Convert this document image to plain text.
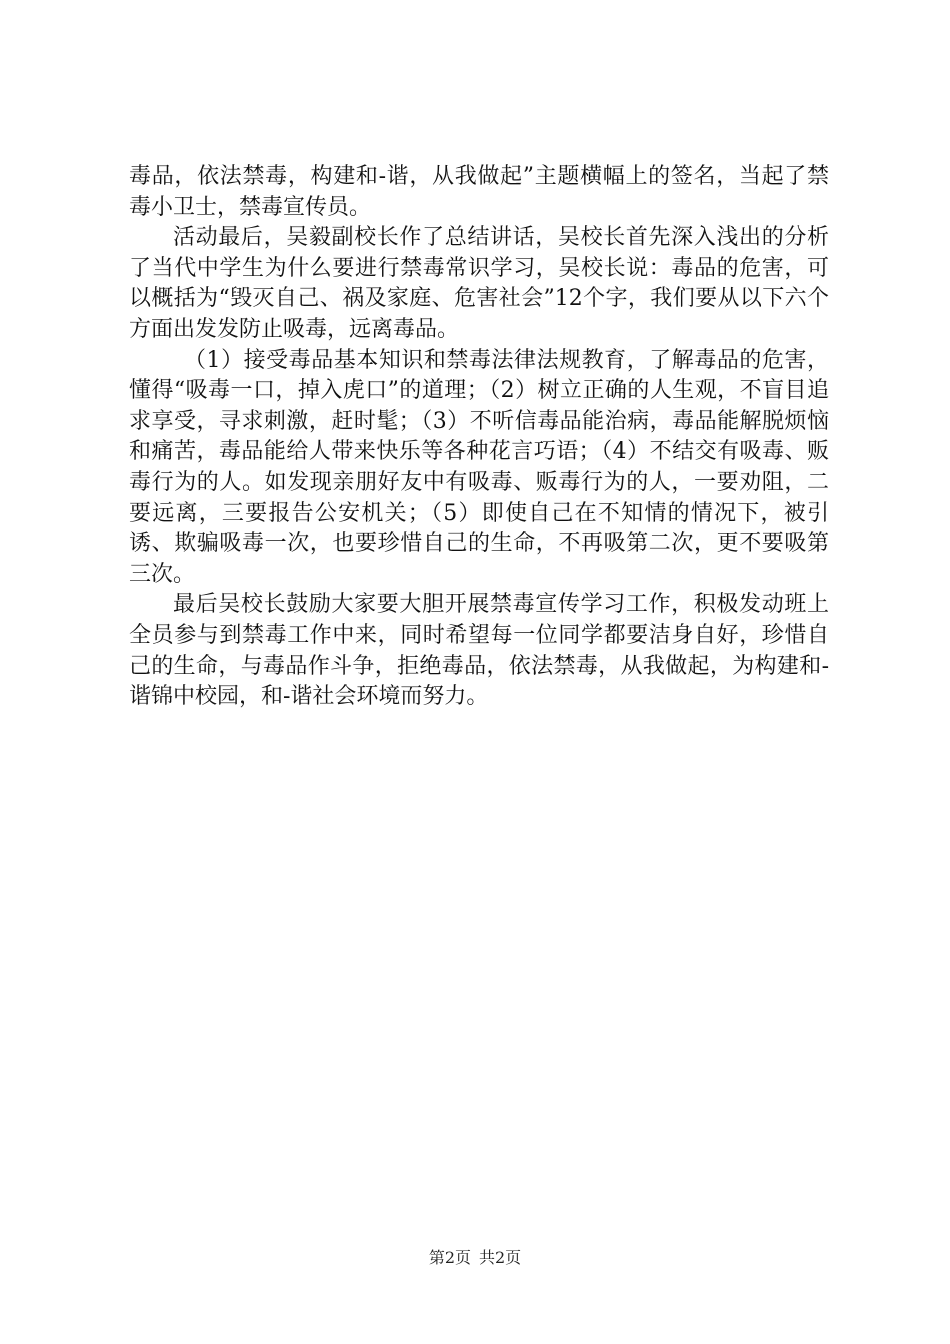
毒品，依法禁毒，构建和-谐，从我做起”主题横幅上的签名，当起了禁毒小卫士，禁毒宣传员。

活动最后，吴毅副校长作了总结讲话，吴校长首先深入浅出的分析了当代中学生为什么要进行禁毒常识学习，吴校长说：毒品的危害，可以概括为“毁灭自己、祸及家庭、危害社会”12个字，我们要从以下六个方面出发发防止吸毒，远离毒品。

（1）接受毒品基本知识和禁毒法律法规教育，了解毒品的危害，懂得“吸毒一口，掉入虎口”的道理；（2）树立正确的人生观，不盲目追求享受，寻求刺激，赶时髦；（3）不听信毒品能治病，毒品能解脱烦恼和痛苦，毒品能给人带来快乐等各种花言巧语；（4）不结交有吸毒、贩毒行为的人。如发现亲朋好友中有吸毒、贩毒行为的人，一要劝阻，二要远离，三要报告公安机关；（5）即使自己在不知情的情况下，被引诱、欺骗吸毒一次，也要珍惜自己的生命，不再吸第二次，更不要吸第三次。

最后吴校长鼓励大家要大胆开展禁毒宣传学习工作，积极发动班上全员参与到禁毒工作中来，同时希望每一位同学都要洁身自好，珍惜自己的生命，与毒品作斗争，拒绝毒品，依法禁毒，从我做起，为构建和-谐锦中校园，和-谐社会环境而努力。

第2页 共2页
